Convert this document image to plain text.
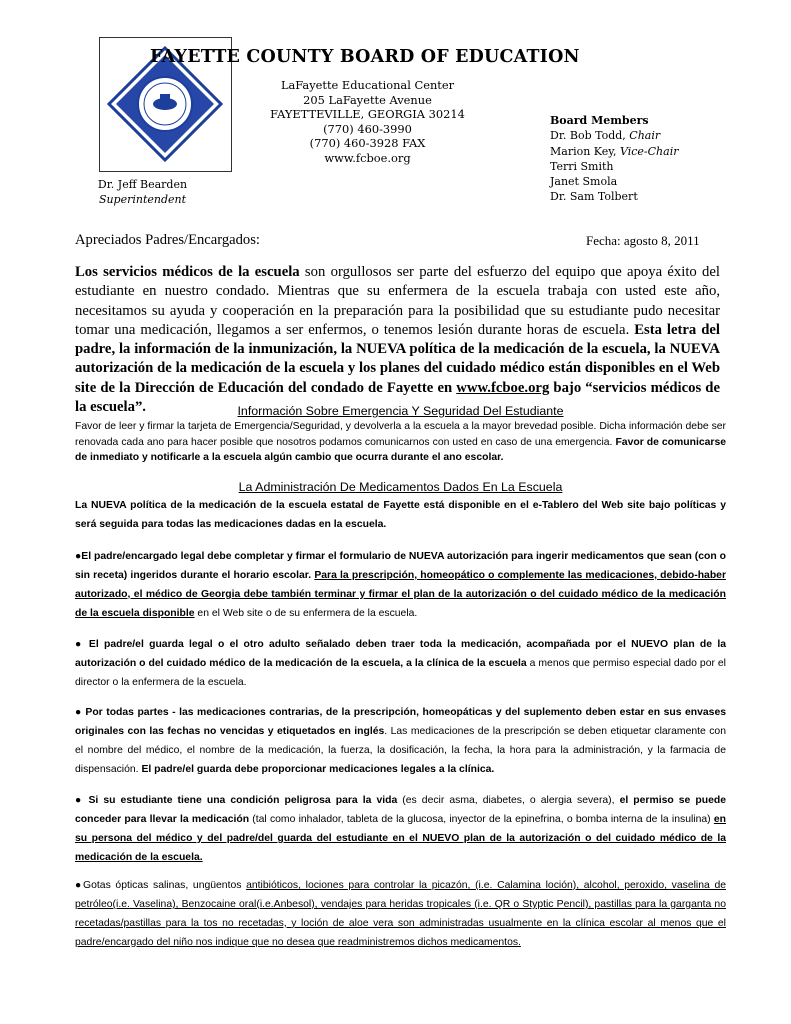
FAYETTE COUNTY BOARD OF EDUCATION
LaFayette Educational Center
205 LaFayette Avenue
FAYETTEVILLE, GEORGIA 30214
(770) 460-3990
(770) 460-3928 FAX
www.fcboe.org
Board Members
Dr. Bob Todd, Chair
Marion Key, Vice-Chair
Terri Smith
Janet Smola
Dr. Sam Tolbert
Dr. Jeff Bearden
Superintendent
Apreciados Padres/Encargados:	Fecha: agosto 8, 2011
Los servicios médicos de la escuela son orgullosos ser parte del esfuerzo del equipo que apoya éxito del estudiante en nuestro condado. Mientras que su enfermera de la escuela trabaja con usted este año, necesitamos su ayuda y cooperación en la preparación para la posibilidad que su estudiante pudo necesitar tomar una medicación, llegamos a ser enfermos, o tenemos lesión durante horas de escuela. Esta letra del padre, la información de la inmunización, la NUEVA política de la medicación de la escuela, la NUEVA autorización de la medicación de la escuela y los planes del cuidado médico están disponibles en el Web site de la Dirección de Educación del condado de Fayette en www.fcboe.org bajo “servicios médicos de la escuela”.	Información Sobre Emergencia Y Seguridad Del Estudiante
Favor de leer y firmar la tarjeta de Emergencia/Seguridad, y devolverla a la escuela a la mayor brevedad posible. Dicha información debe ser renovada cada ano para hacer posible que nosotros podamos comunicarnos con usted en caso de una emergencia. Favor de comunicarse de inmediato y notificarle a la escuela algún cambio que ocurra durante el ano escolar.
La Administración De Medicamentos Dados En La Escuela
La NUEVA política de la medicación de la escuela estatal de Fayette está disponible en el e-Tablero del Web site bajo políticas y será seguida para todas las medicaciones dadas en la escuela.
●El padre/encargado legal debe completar y firmar el formulario de NUEVA autorización para ingerir medicamentos que sean (con o sin receta) ingeridos durante el horario escolar. Para la prescripción, homeopático o complemente las medicaciones, debido-haber autorizado, el médico de Georgia debe también terminar y firmar el plan de la autorización o del cuidado médico de la medicación de la escuela disponible en el Web site o de su enfermera de la escuela.
● El padre/el guarda legal o el otro adulto señalado deben traer toda la medicación, acompañada por el NUEVO plan de la autorización o del cuidado médico de la medicación de la escuela, a la clínica de la escuela a menos que permiso especial dado por el director o la enfermera de la escuela.
● Por todas partes - las medicaciones contrarias, de la prescripción, homeopáticas y del suplemento deben estar en sus envases originales con las fechas no vencidas y etiquetados en inglés. Las medicaciones de la prescripción se deben etiquetar claramente con el nombre del médico, el nombre de la medicación, la fuerza, la dosificación, la fecha, la hora para la administración, y la farmacia de dispensación. El padre/el guarda debe proporcionar medicaciones legales a la clínica.
● Si su estudiante tiene una condición peligrosa para la vida (es decir asma, diabetes, o alergia severa), el permiso se puede conceder para llevar la medicación (tal como inhalador, tableta de la glucosa, inyector de la epinefrina, o bomba interna de la insulina) en su persona del médico y del padre/del guarda del estudiante en el NUEVO plan de la autorización o del cuidado médico de la medicación de la escuela.
●Gotas ópticas salinas, ungüentos antibióticos, lociones para controlar la picazón, (i.e. Calamina loción), alcohol, peroxido, vaselina de petróleo(i.e. Vaselina), Benzocaine oral(i.e.Anbesol), vendajes para heridas tropicales (i.e. QR o Styptic Pencil), pastillas para la garganta no recetadas/pastillas para la tos no recetadas, y loción de aloe vera son administradas usualmente en la clínica escolar al menos que el padre/encargado del niño nos indique que no desea que readministremos dichos medicamentos.
